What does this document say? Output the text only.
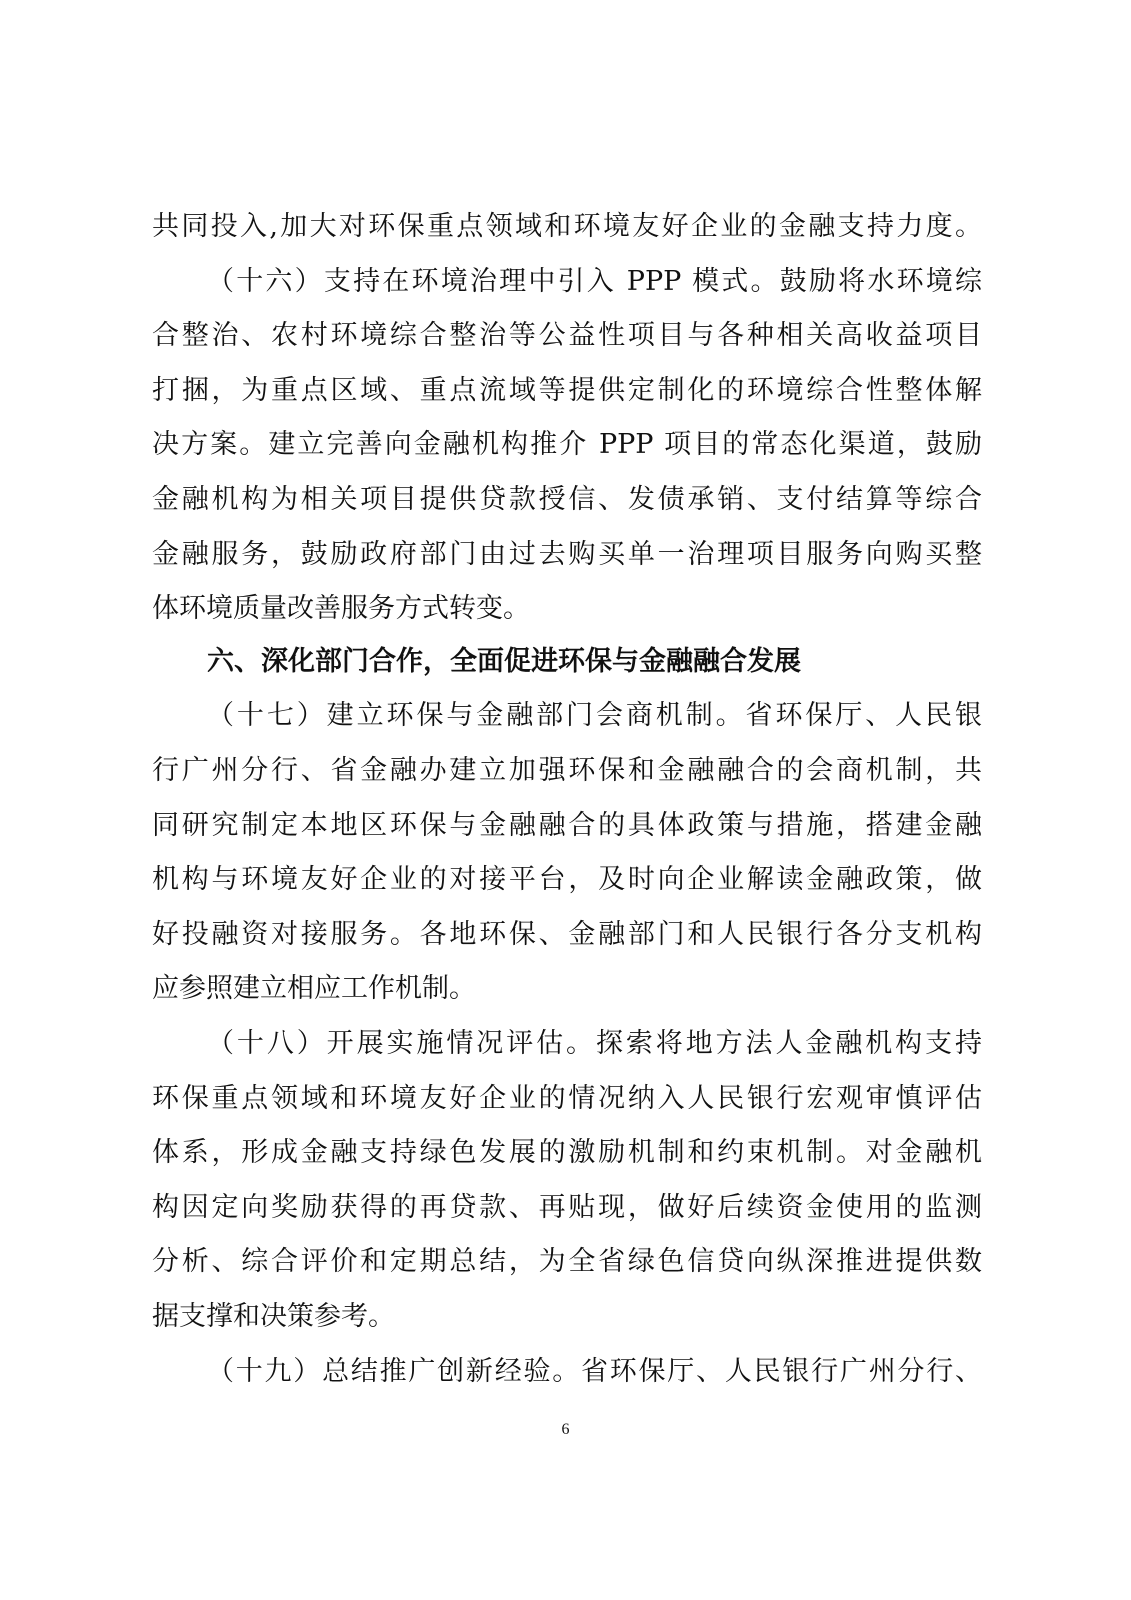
共同投入,加大对环保重点领域和环境友好企业的金融支持力度。
（十六）支持在环境治理中引入 PPP 模式。鼓励将水环境综
合整治、农村环境综合整治等公益性项目与各种相关高收益项目
打捆，为重点区域、重点流域等提供定制化的环境综合性整体解
决方案。建立完善向金融机构推介 PPP 项目的常态化渠道，鼓励
金融机构为相关项目提供贷款授信、发债承销、支付结算等综合
金融服务，鼓励政府部门由过去购买单一治理项目服务向购买整
体环境质量改善服务方式转变。
六、深化部门合作，全面促进环保与金融融合发展
（十七）建立环保与金融部门会商机制。省环保厅、人民银
行广州分行、省金融办建立加强环保和金融融合的会商机制，共
同研究制定本地区环保与金融融合的具体政策与措施，搭建金融
机构与环境友好企业的对接平台，及时向企业解读金融政策，做
好投融资对接服务。各地环保、金融部门和人民银行各分支机构
应参照建立相应工作机制。
（十八）开展实施情况评估。探索将地方法人金融机构支持
环保重点领域和环境友好企业的情况纳入人民银行宏观审慎评估
体系，形成金融支持绿色发展的激励机制和约束机制。对金融机
构因定向奖励获得的再贷款、再贴现，做好后续资金使用的监测
分析、综合评价和定期总结，为全省绿色信贷向纵深推进提供数
据支撑和决策参考。
（十九）总结推广创新经验。省环保厅、人民银行广州分行、
6
